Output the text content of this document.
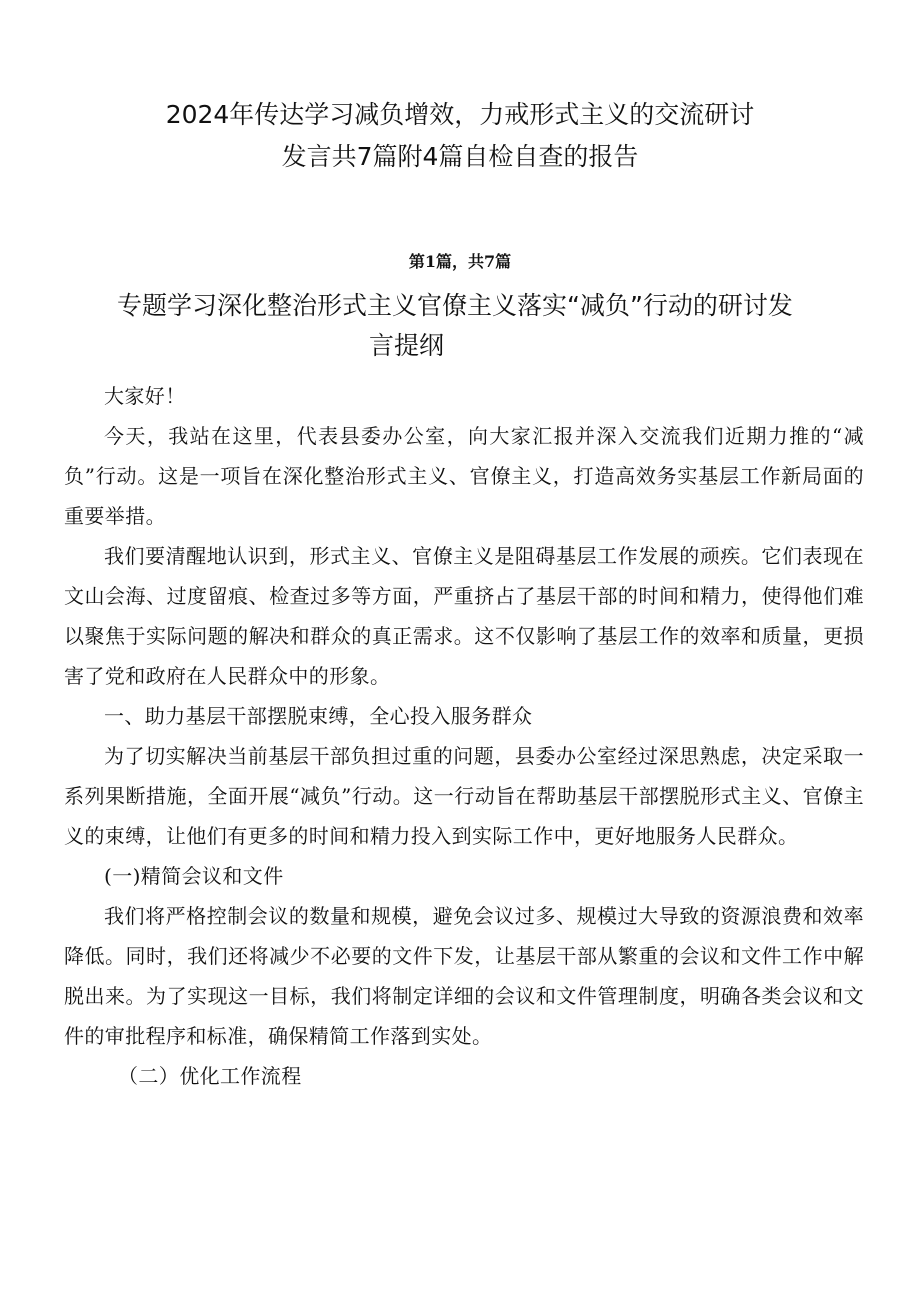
2024年传达学习减负增效，力戒形式主义的交流研讨
发言共7篇附4篇自检自查的报告
第1篇，共7篇
专题学习深化整治形式主义官僚主义落实“减负”行动的研讨发
言提纲

大家好！

今天，我站在这里，代表县委办公室，向大家汇报并深入交流我们近期力推的“减负”行动。这是一项旨在深化整治形式主义、官僚主义，打造高效务实基层工作新局面的重要举措。

我们要清醒地认识到，形式主义、官僚主义是阻碍基层工作发展的顽疾。它们表现在文山会海、过度留痕、检查过多等方面，严重挤占了基层干部的时间和精力，使得他们难以聚焦于实际问题的解决和群众的真正需求。这不仅影响了基层工作的效率和质量，更损害了党和政府在人民群众中的形象。

一、助力基层干部摆脱束缚，全心投入服务群众

为了切实解决当前基层干部负担过重的问题，县委办公室经过深思熟虑，决定采取一系列果断措施，全面开展“减负”行动。这一行动旨在帮助基层干部摆脱形式主义、官僚主义的束缚，让他们有更多的时间和精力投入到实际工作中，更好地服务人民群众。

(一)精简会议和文件

我们将严格控制会议的数量和规模，避免会议过多、规模过大导致的资源浪费和效率降低。同时，我们还将减少不必要的文件下发，让基层干部从繁重的会议和文件工作中解脱出来。为了实现这一目标，我们将制定详细的会议和文件管理制度，明确各类会议和文件的审批程序和标准，确保精简工作落到实处。

（二）优化工作流程
